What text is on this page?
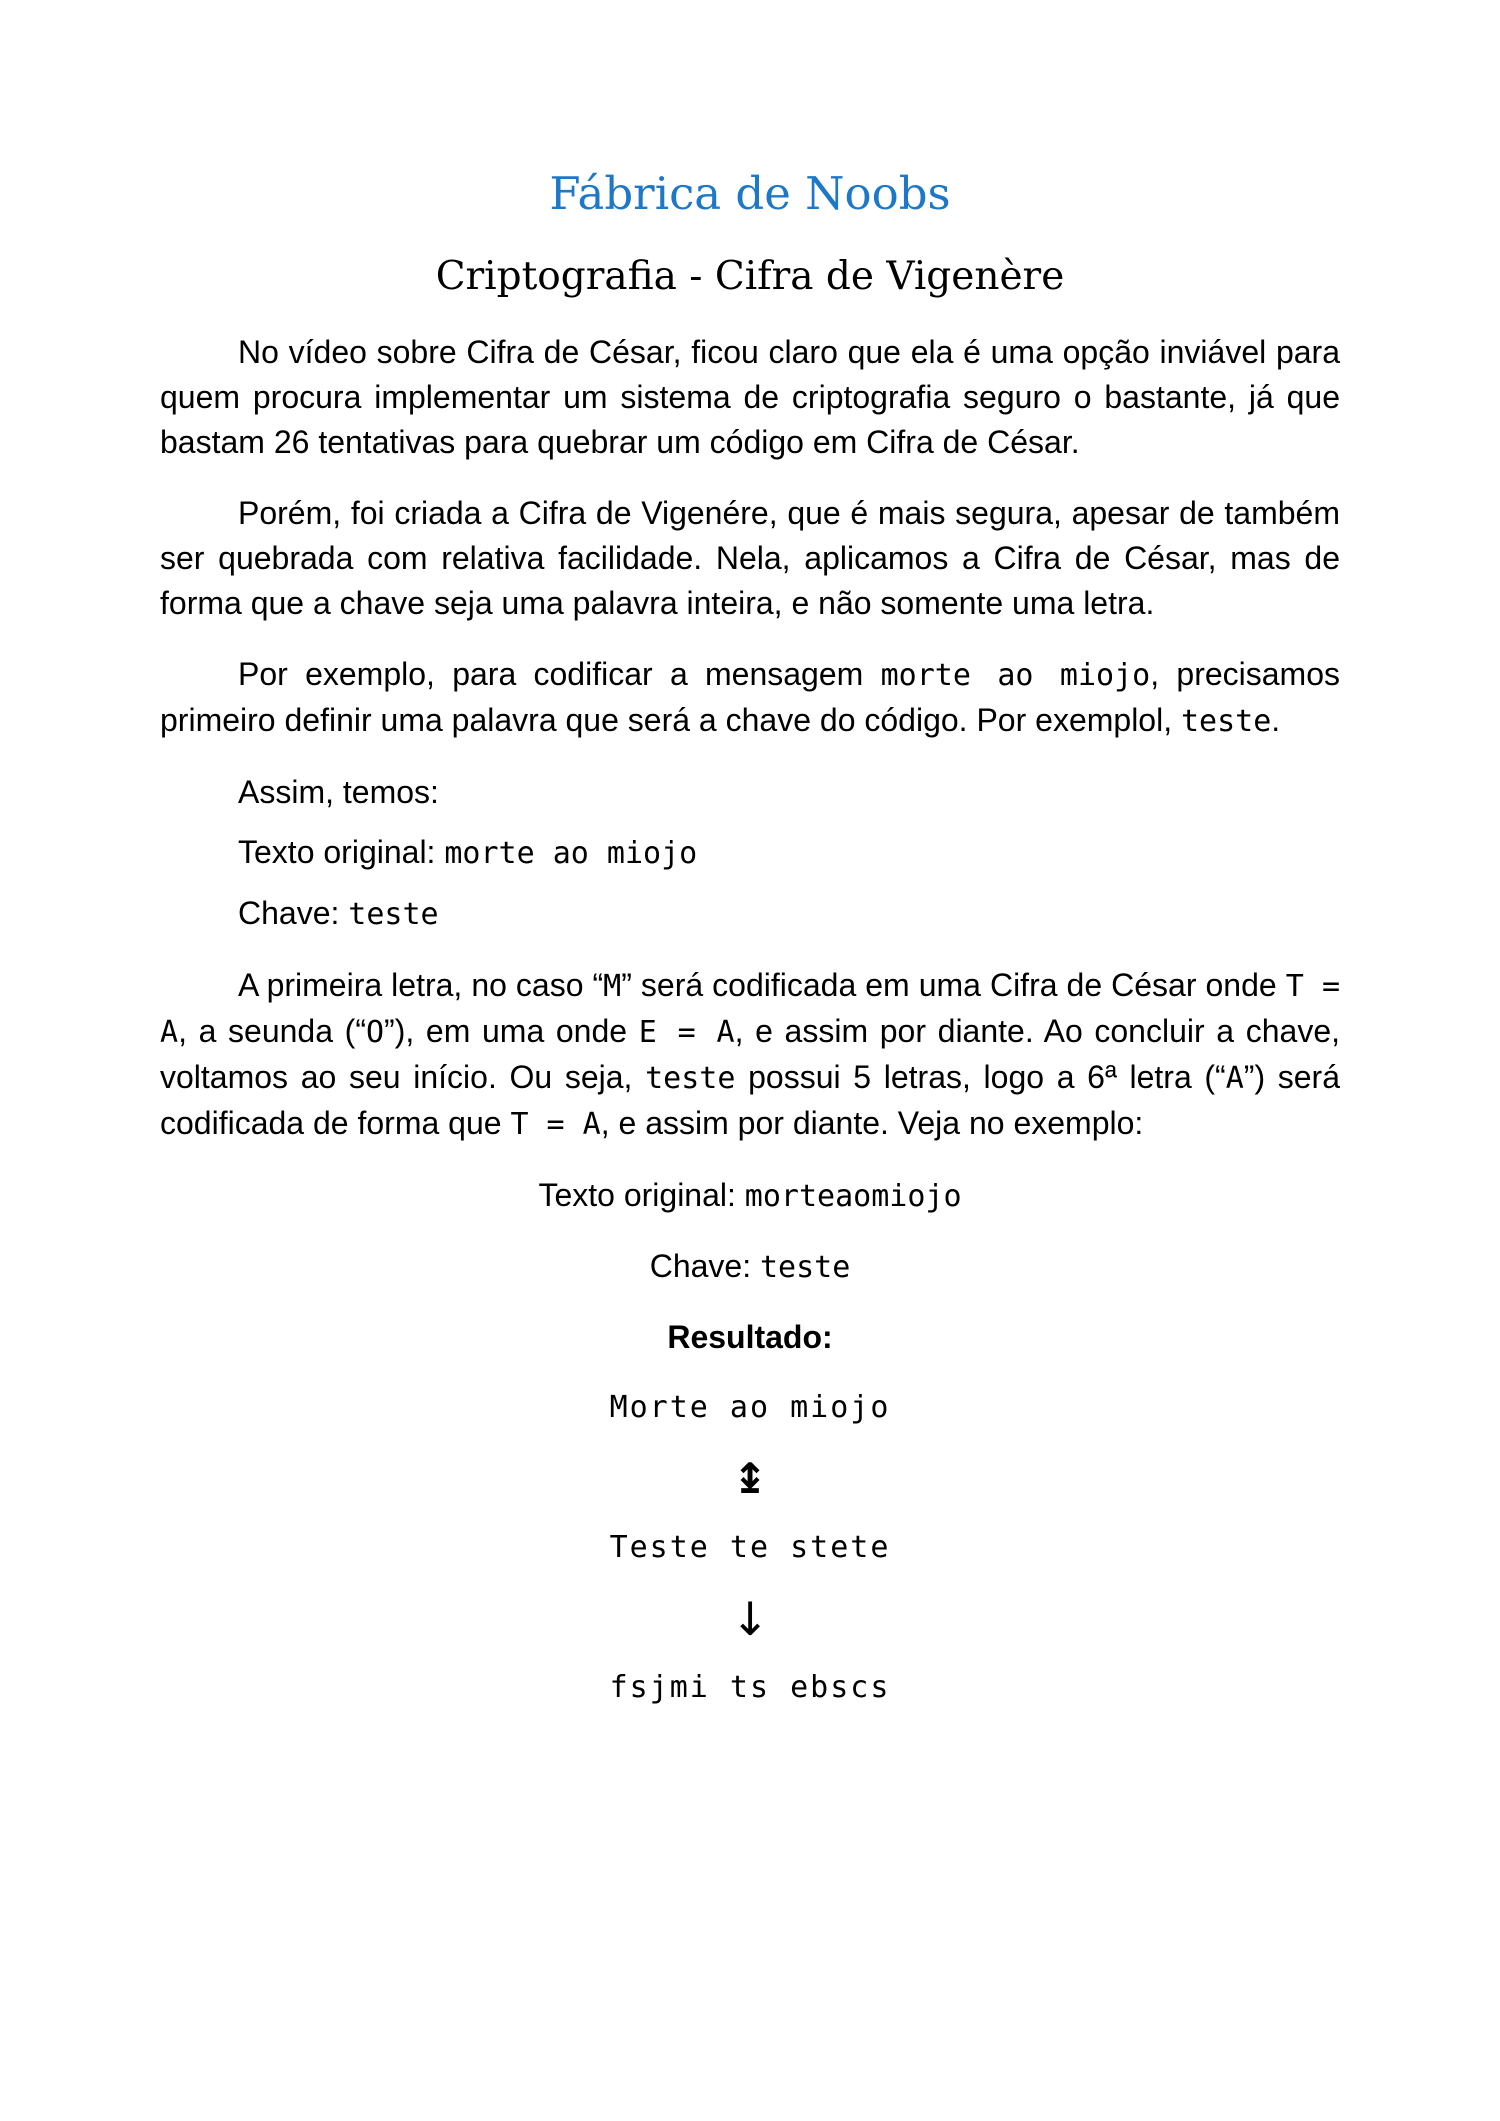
Fábrica de Noobs
Criptografia - Cifra de Vigenère

No vídeo sobre Cifra de César, ficou claro que ela é uma opção inviável para quem procura implementar um sistema de criptografia seguro o bastante, já que bastam 26 tentativas para quebrar um código em Cifra de César.

Porém, foi criada a Cifra de Vigenére, que é mais segura, apesar de também ser quebrada com relativa facilidade. Nela, aplicamos a Cifra de César, mas de forma que a chave seja uma palavra inteira, e não somente uma letra.

Por exemplo, para codificar a mensagem morte ao miojo, precisamos primeiro definir uma palavra que será a chave do código. Por exemplol, teste.

Assim, temos:

Texto original: morte ao miojo

Chave: teste

A primeira letra, no caso “M” será codificada em uma Cifra de César onde T = A, a seunda (“O”), em uma onde E = A, e assim por diante. Ao concluir a chave, voltamos ao seu início. Ou seja, teste possui 5 letras, logo a 6ª letra (“A”) será codificada de forma que T = A, e assim por diante. Veja no exemplo:

Texto original: morteaomiojo

Chave: teste

Resultado:

Morte ao miojo

↨

Teste te stete

↓

fsjmi ts ebscs
